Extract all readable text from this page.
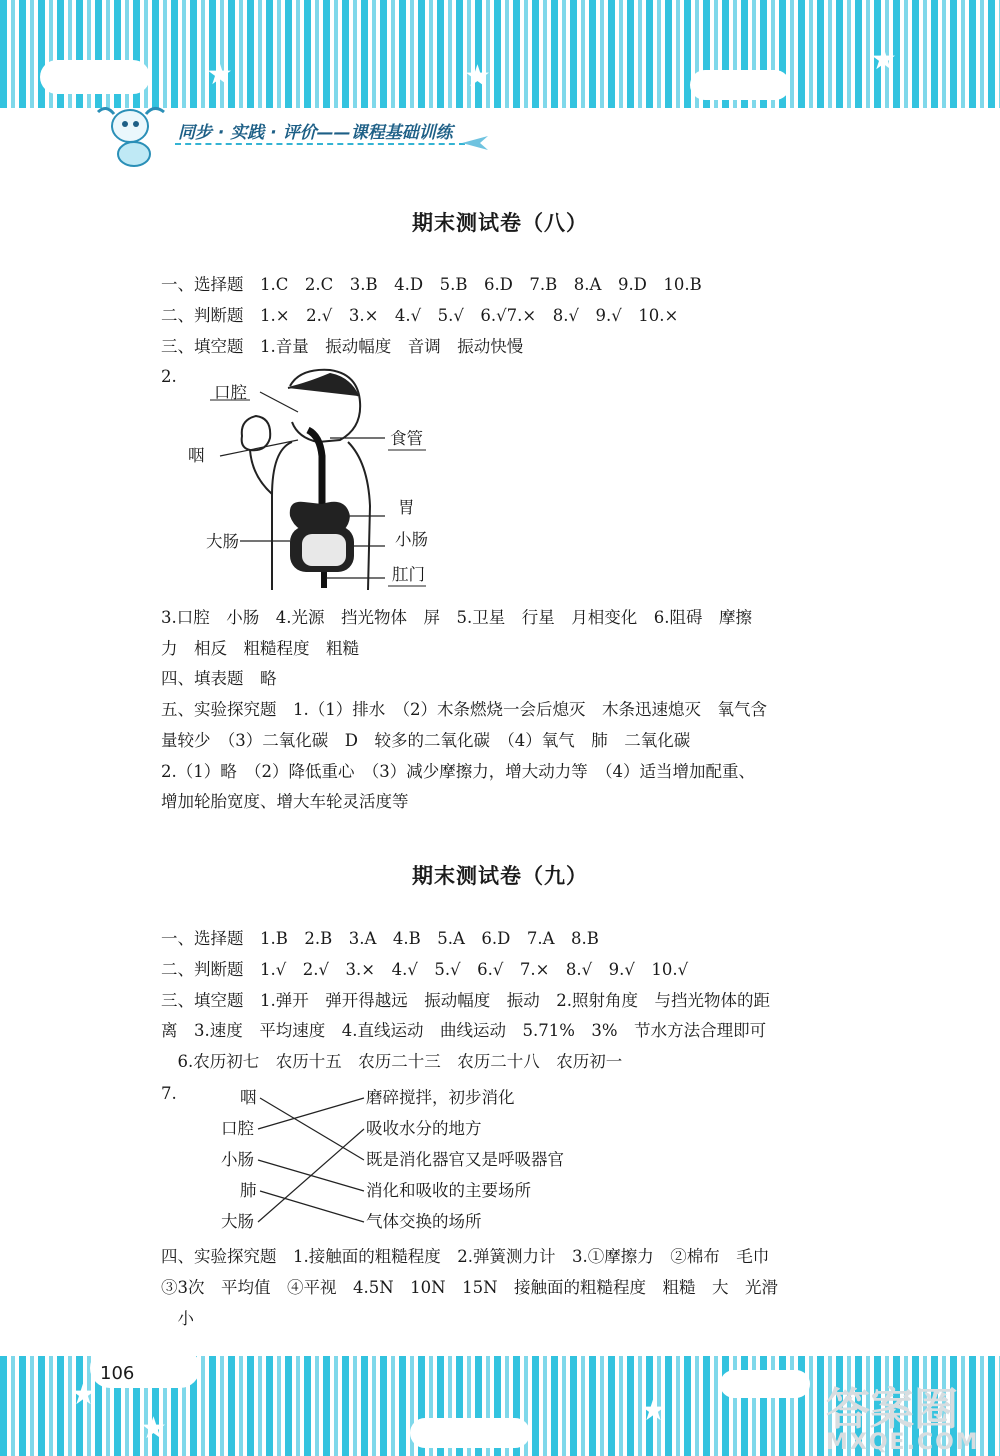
★	★	★
同步 · 实践 · 评价——课程基础训练
期末测试卷（八）
一、选择题　1.C　2.C　3.B　4.D　5.B　6.D　7.B　8.A　9.D　10.B
二、判断题　1.×　2.√　3.×　4.√　5.√　6.√7.×　8.√　9.√　10.×
三、填空题　1.音量　振动幅度　音调　振动快慢
2.
口腔
咽
食管
胃
大肠	小肠
肛门
3.口腔　小肠　4.光源　挡光物体　屏　5.卫星　行星　月相变化　6.阻碍　摩擦
力　相反　粗糙程度　粗糙
四、填表题　略
五、实验探究题　1.（1）排水　（2）木条燃烧一会后熄灭　木条迅速熄灭　氧气含
量较少　（3）二氧化碳　D　较多的二氧化碳　（4）氧气　肺　二氧化碳
2.（1）略　（2）降低重心　（3）减少摩擦力，增大动力等　（4）适当增加配重、
增加轮胎宽度、增大车轮灵活度等
期末测试卷（九）
一、选择题　1.B　2.B　3.A　4.B　5.A　6.D　7.A　8.B
二、判断题　1.√　2.√　3.×　4.√　5.√　6.√　7.×　8.√　9.√　10.√
三、填空题　1.弹开　弹开得越远　振动幅度　振动　2.照射角度　与挡光物体的距
离　3.速度　平均速度　4.直线运动　曲线运动　5.71%　3%　节水方法合理即可
　6.农历初七　农历十五　农历二十三　农历二十八　农历初一
7.	咽
口腔
小肠
肺
大肠
磨碎搅拌，初步消化
吸收水分的地方
既是消化器官又是呼吸器官
消化和吸收的主要场所
气体交换的场所
四、实验探究题　1.接触面的粗糙程度　2.弹簧测力计　3.①摩擦力　②棉布　毛巾
③3次　平均值　④平视　4.5N　10N　15N　接触面的粗糙程度　粗糙　大　光滑
　小
★
★
★
106
答案圈
MXQE.COM
